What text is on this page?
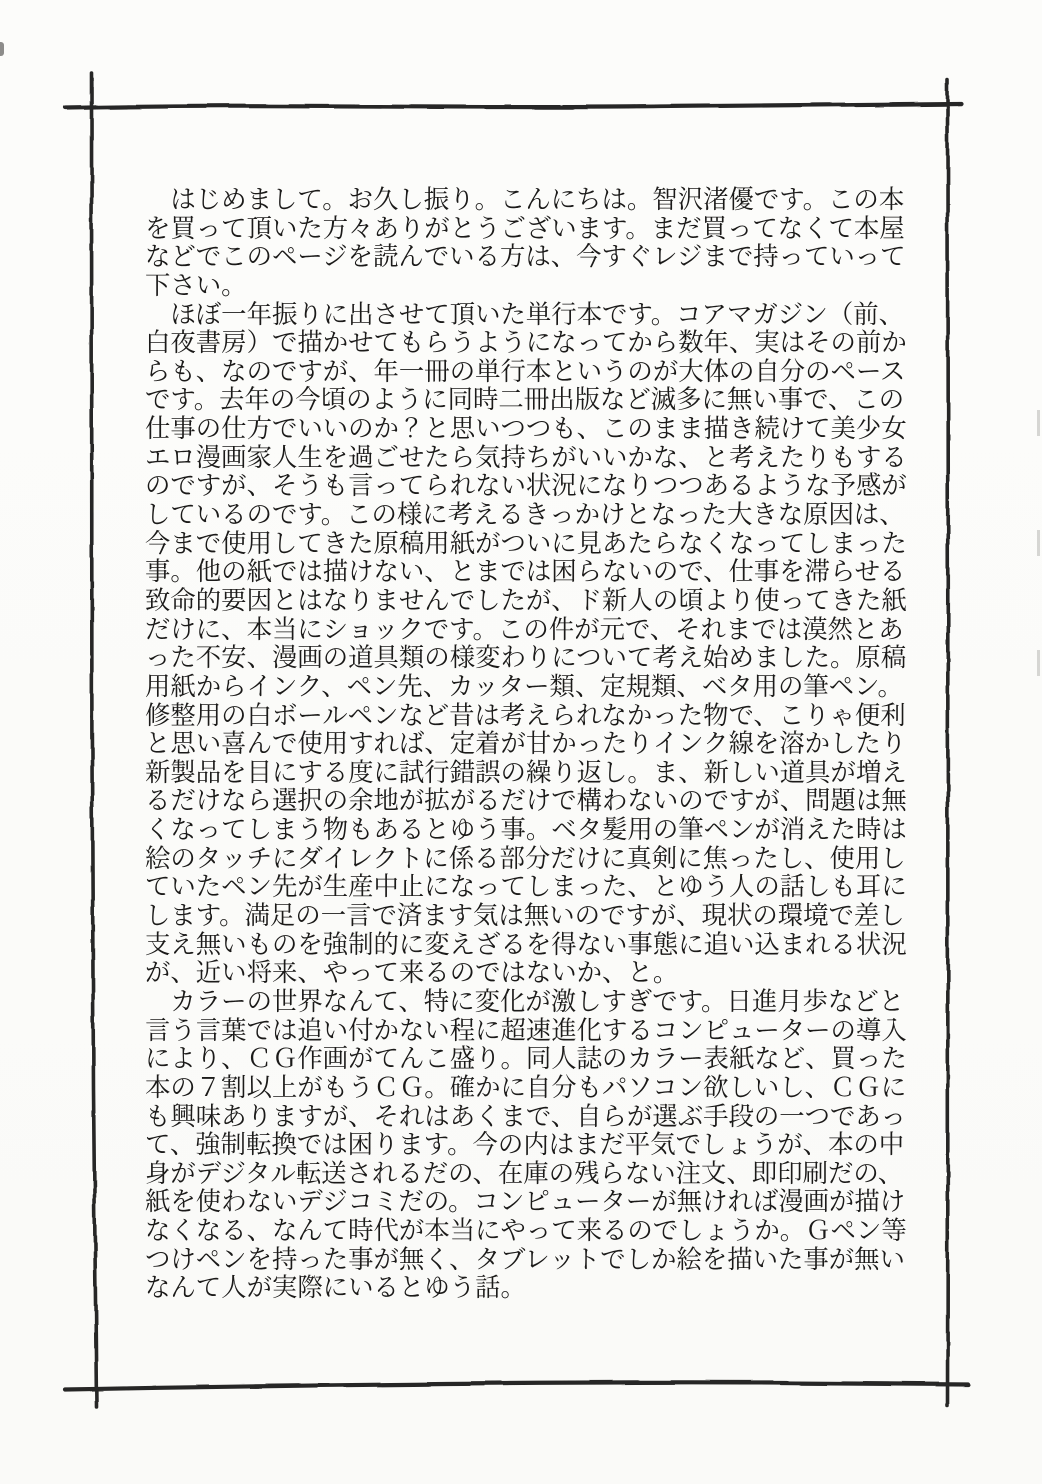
　はじめまして。お久し振り。こんにちは。智沢渚優です。この本
を買って頂いた方々ありがとうございます。まだ買ってなくて本屋
などでこのページを読んでいる方は、今すぐレジまで持っていって
下さい。
　ほぼ一年振りに出させて頂いた単行本です。コアマガジン（前、
白夜書房）で描かせてもらうようになってから数年、実はその前か
らも、なのですが、年一冊の単行本というのが大体の自分のペース
です。去年の今頃のように同時二冊出版など滅多に無い事で、この
仕事の仕方でいいのか？と思いつつも、このまま描き続けて美少女
エロ漫画家人生を過ごせたら気持ちがいいかな、と考えたりもする
のですが、そうも言ってられない状況になりつつあるような予感が
しているのです。この様に考えるきっかけとなった大きな原因は、
今まで使用してきた原稿用紙がついに見あたらなくなってしまった
事。他の紙では描けない、とまでは困らないので、仕事を滞らせる
致命的要因とはなりませんでしたが、ド新人の頃より使ってきた紙
だけに、本当にショックです。この件が元で、それまでは漠然とあ
った不安、漫画の道具類の様変わりについて考え始めました。原稿
用紙からインク、ペン先、カッター類、定規類、ベタ用の筆ペン。
修整用の白ボールペンなど昔は考えられなかった物で、こりゃ便利
と思い喜んで使用すれば、定着が甘かったりインク線を溶かしたり
新製品を目にする度に試行錯誤の繰り返し。ま、新しい道具が増え
るだけなら選択の余地が拡がるだけで構わないのですが、問題は無
くなってしまう物もあるとゆう事。ベタ髪用の筆ペンが消えた時は
絵のタッチにダイレクトに係る部分だけに真剣に焦ったし、使用し
ていたペン先が生産中止になってしまった、とゆう人の話しも耳に
します。満足の一言で済ます気は無いのですが、現状の環境で差し
支え無いものを強制的に変えざるを得ない事態に追い込まれる状況
が、近い将来、やって来るのではないか、と。
　カラーの世界なんて、特に変化が激しすぎです。日進月歩などと
言う言葉では追い付かない程に超速進化するコンピューターの導入
により、ＣＧ作画がてんこ盛り。同人誌のカラー表紙など、買った
本の７割以上がもうＣＧ。確かに自分もパソコン欲しいし、ＣＧに
も興味ありますが、それはあくまで、自らが選ぶ手段の一つであっ
て、強制転換では困ります。今の内はまだ平気でしょうが、本の中
身がデジタル転送されるだの、在庫の残らない注文、即印刷だの、
紙を使わないデジコミだの。コンピューターが無ければ漫画が描け
なくなる、なんて時代が本当にやって来るのでしょうか。Ｇペン等
つけペンを持った事が無く、タブレットでしか絵を描いた事が無い
なんて人が実際にいるとゆう話。
